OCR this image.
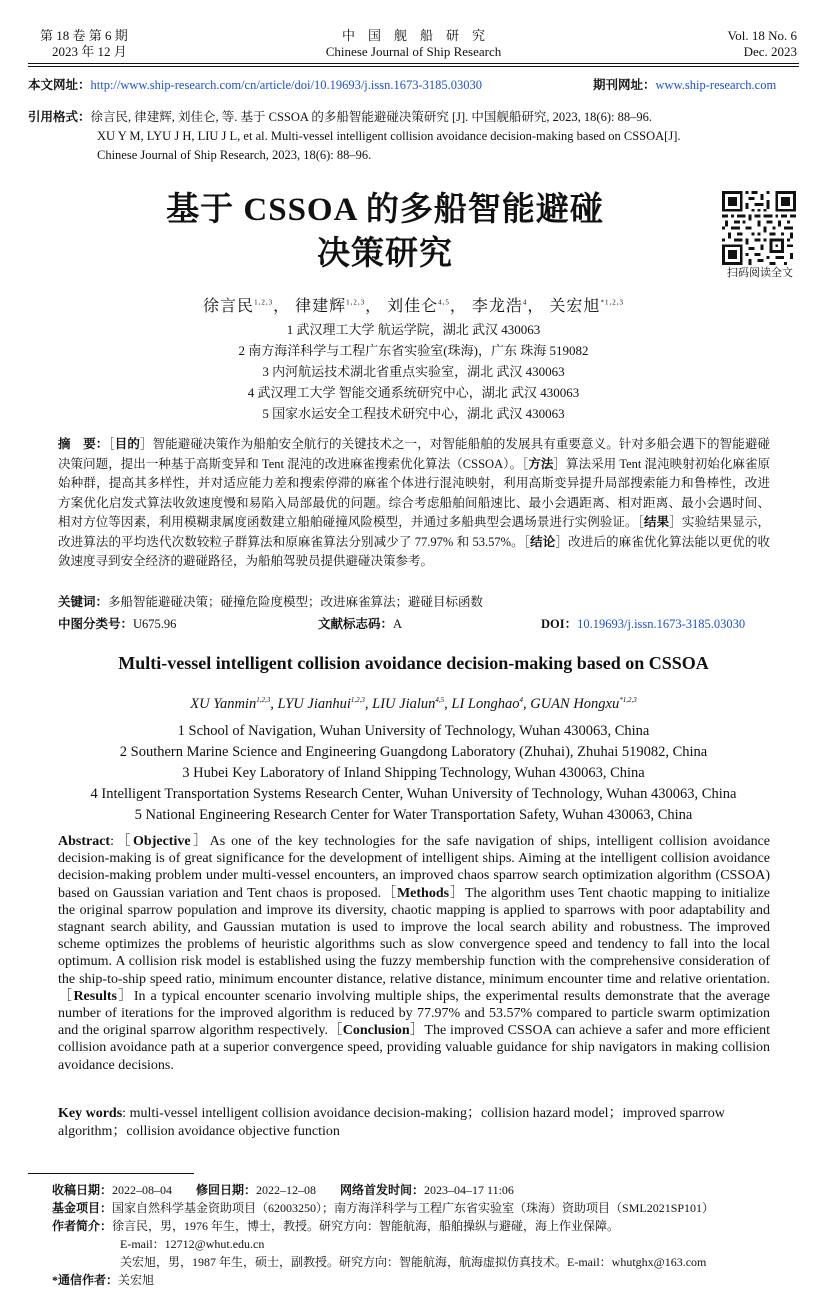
第 18 卷 第 6 期
2023 年 12 月
中　国　舰　船　研　究
Chinese Journal of Ship Research
Vol. 18 No. 6
Dec. 2023
本文网址：http://www.ship-research.com/cn/article/doi/10.19693/j.issn.1673-3185.03030	期刊网址：www.ship-research.com
引用格式：徐言民, 律建辉, 刘佳仑, 等. 基于 CSSOA 的多船智能避碰决策研究 [J]. 中国舰船研究, 2023, 18(6): 88–96.
XU Y M, LYU J H, LIU J L, et al. Multi-vessel intelligent collision avoidance decision-making based on CSSOA[J].
Chinese Journal of Ship Research, 2023, 18(6): 88–96.
基于 CSSOA 的多船智能避碰
决策研究
扫码阅读全文
徐言民$^{1,2,3}$， 律建辉$^{1,2,3}$， 刘佳仑$^{4,5}$， 李龙浩$^4$， 关宏旭$^{*1,2,3}$
1 武汉理工大学 航运学院，湖北 武汉 430063
2 南方海洋科学与工程广东省实验室(珠海)，广东 珠海 519082
3 内河航运技术湖北省重点实验室，湖北 武汉 430063
4 武汉理工大学 智能交通系统研究中心，湖北 武汉 430063
5 国家水运安全工程技术研究中心，湖北 武汉 430063
摘　要：［目的］智能避碰决策作为船舶安全航行的关键技术之一，对智能船舶的发展具有重要意义。针对多船会遇下的智能避碰决策问题，提出一种基于高斯变异和 Tent 混沌的改进麻雀搜索优化算法（CSSOA）。［方法］算法采用 Tent 混沌映射初始化麻雀原始种群，提高其多样性，并对适应能力差和搜索停滞的麻雀个体进行混沌映射，利用高斯变异提升局部搜索能力和鲁棒性，改进方案优化启发式算法收敛速度慢和易陷入局部最优的问题。综合考虑船舶间船速比、最小会遇距离、相对距离、最小会遇时间、相对方位等因素，利用模糊隶属度函数建立船舶碰撞风险模型，并通过多船典型会遇场景进行实例验证。［结果］实验结果显示，改进算法的平均迭代次数较粒子群算法和原麻雀算法分别减少了 77.97% 和 53.57%。［结论］改进后的麻雀优化算法能以更优的收敛速度寻到安全经济的避碰路径，为船舶驾驶员提供避碰决策参考。
关键词：多船智能避碰决策；碰撞危险度模型；改进麻雀算法；避碰目标函数
中图分类号：U675.96	文献标志码：A	DOI：10.19693/j.issn.1673-3185.03030
Multi-vessel intelligent collision avoidance decision-making based on CSSOA
XU Yanmin$^{1,2,3}$, LYU Jianhui$^{1,2,3}$, LIU Jialun$^{4,5}$, LI Longhao$^4$, GUAN Hongxu$^{*1,2,3}$
1 School of Navigation, Wuhan University of Technology, Wuhan 430063, China
2 Southern Marine Science and Engineering Guangdong Laboratory (Zhuhai), Zhuhai 519082, China
3 Hubei Key Laboratory of Inland Shipping Technology, Wuhan 430063, China
4 Intelligent Transportation Systems Research Center, Wuhan University of Technology, Wuhan 430063, China
5 National Engineering Research Center for Water Transportation Safety, Wuhan 430063, China
Abstract:［Objective］As one of the key technologies for the safe navigation of ships, intelligent collision avoidance decision-making is of great significance for the development of intelligent ships. Aiming at the intelligent collision avoidance decision-making problem under multi-vessel encounters, an improved chaos sparrow search optimization algorithm (CSSOA) based on Gaussian variation and Tent chaos is proposed.［Methods］The algorithm uses Tent chaotic mapping to initialize the original sparrow population and improve its diversity, chaotic mapping is applied to sparrows with poor adaptability and stagnant search ability, and Gaussian mutation is used to improve the local search ability and robustness. The improved scheme optimizes the problems of heuristic algorithms such as slow convergence speed and tendency to fall into the local optimum. A collision risk model is established using the fuzzy membership function with the comprehensive consideration of the ship-to-ship speed ratio, minimum encounter distance, relative distance, minimum encounter time and relative orientation.［Results］In a typical encounter scenario involving multiple ships, the experimental results demonstrate that the average number of iterations for the improved algorithm is reduced by 77.97% and 53.57% compared to particle swarm optimization and the original sparrow algorithm respectively.［Conclusion］The improved CSSOA can achieve a safer and more efficient collision avoidance path at a superior convergence speed, providing valuable guidance for ship navigators in making collision avoidance decisions.
Key words: multi-vessel intelligent collision avoidance decision-making；collision hazard model；improved sparrow algorithm；collision avoidance objective function
收稿日期：2022–08–04 修回日期：2022–12–08 网络首发时间：2023–04–17 11:06
基金项目：国家自然科学基金资助项目（62003250）；南方海洋科学与工程广东省实验室（珠海）资助项目（SML2021SP101）
作者简介：徐言民，男，1976 年生，博士，教授。研究方向：智能航海，船舶操纵与避碰，海上作业保障。
E-mail：12712@whut.edu.cn
关宏旭，男，1987 年生，硕士，副教授。研究方向：智能航海，航海虚拟仿真技术。E-mail：whutghx@163.com
*通信作者：关宏旭
